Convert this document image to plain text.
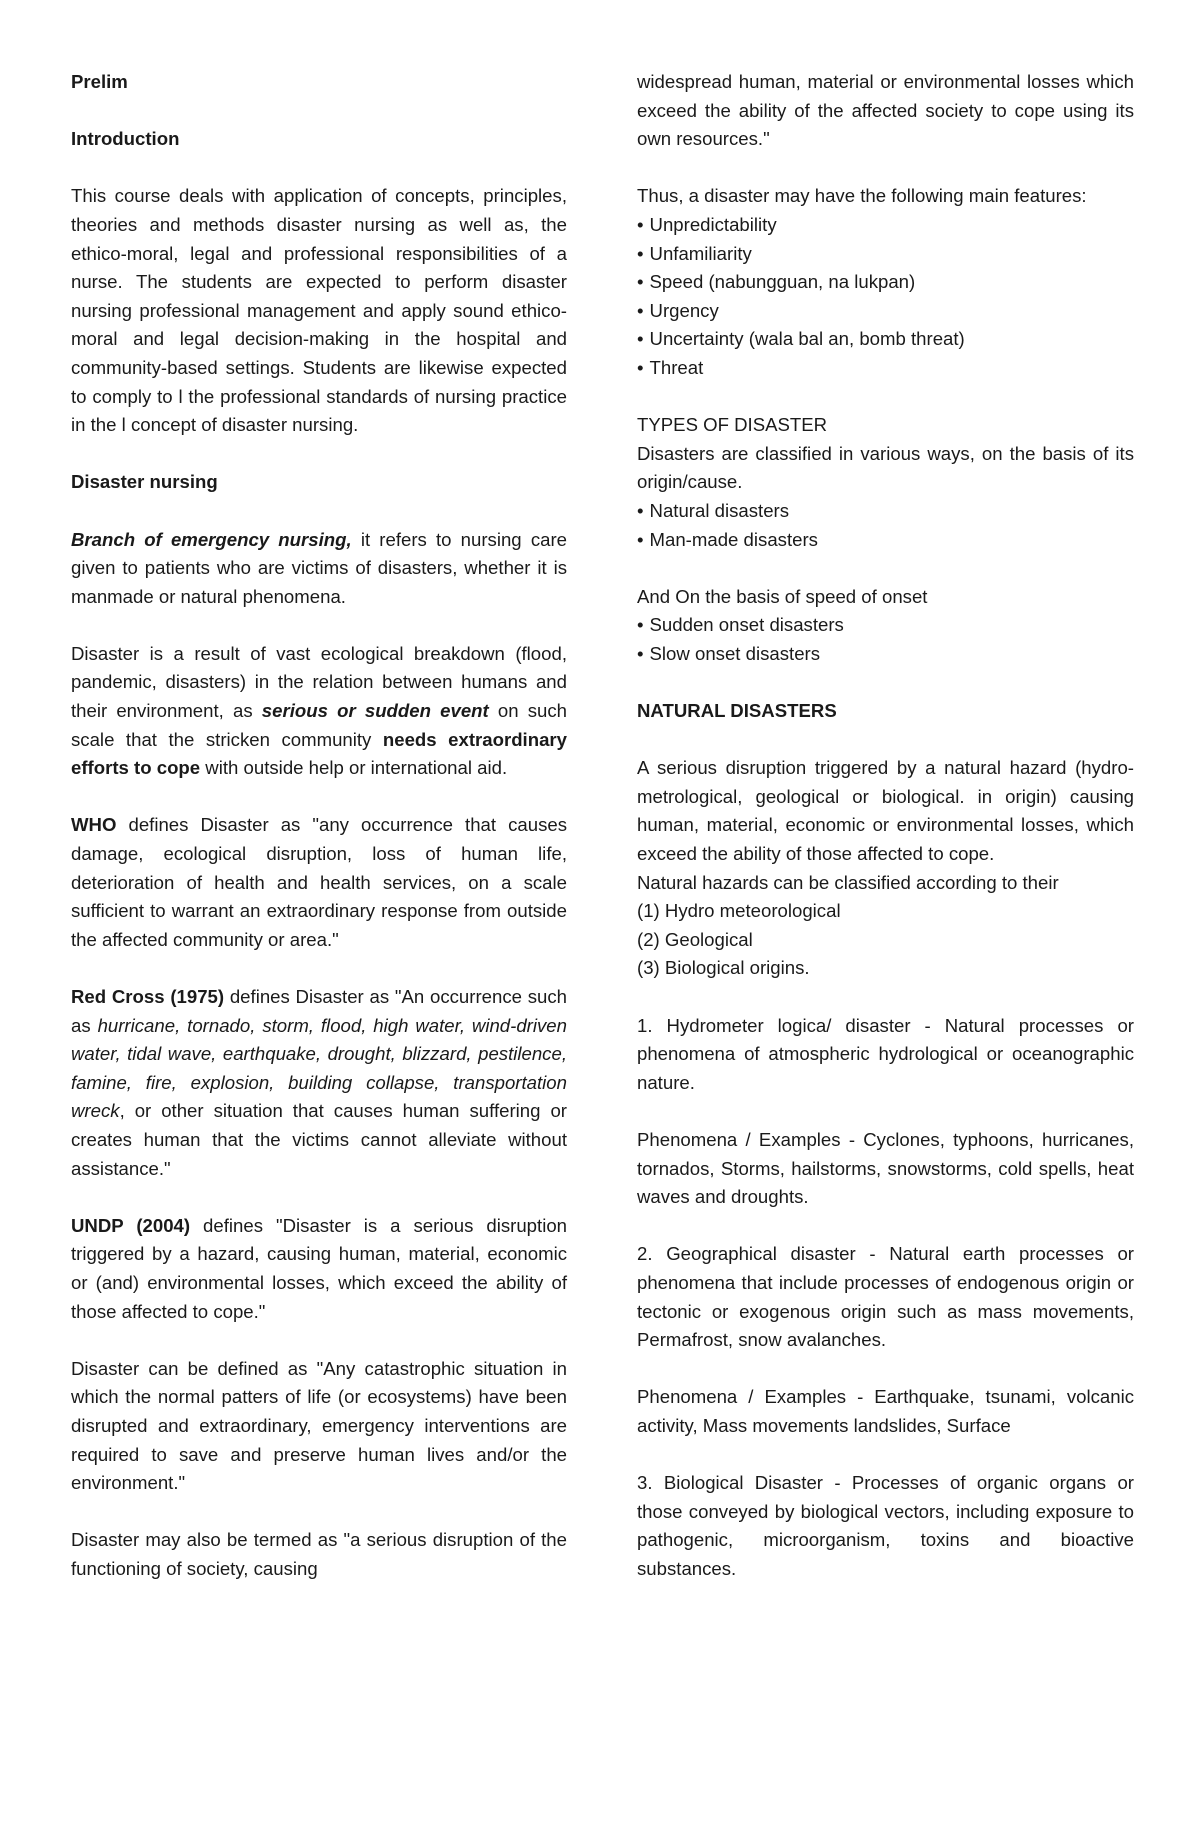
Prelim

Introduction

This course deals with application of concepts, principles, theories and methods disaster nursing as well as, the ethico-moral, legal and professional responsibilities of a nurse. The students are expected to perform disaster nursing professional management and apply sound ethico-moral and legal decision-making in the hospital and community-based settings. Students are likewise expected to comply to l the professional standards of nursing practice in the l concept of disaster nursing.

Disaster nursing

Branch of emergency nursing, it refers to nursing care given to patients who are victims of disasters, whether it is manmade or natural phenomena.

Disaster is a result of vast ecological breakdown (flood, pandemic, disasters) in the relation between humans and their environment, as serious or sudden event on such scale that the stricken community needs extraordinary efforts to cope with outside help or international aid.

WHO defines Disaster as "any occurrence that causes damage, ecological disruption, loss of human life, deterioration of health and health services, on a scale sufficient to warrant an extraordinary response from outside the affected community or area."

Red Cross (1975) defines Disaster as "An occurrence such as hurricane, tornado, storm, flood, high water, wind-driven water, tidal wave, earthquake, drought, blizzard, pestilence, famine, fire, explosion, building collapse, transportation wreck, or other situation that causes human suffering or creates human that the victims cannot alleviate without assistance."

UNDP (2004) defines "Disaster is a serious disruption triggered by a hazard, causing human, material, economic or (and) environmental losses, which exceed the ability of those affected to cope."

Disaster can be defined as "Any catastrophic situation in which the normal patters of life (or ecosystems) have been disrupted and extraordinary, emergency interventions are required to save and preserve human lives and/or the environment."

Disaster may also be termed as "a serious disruption of the functioning of society, causing

widespread human, material or environmental losses which exceed the ability of the affected society to cope using its own resources."

Thus, a disaster may have the following main features:
• Unpredictability
• Unfamiliarity
• Speed (nabungguan, na lukpan)
• Urgency
• Uncertainty (wala bal an, bomb threat)
• Threat
TYPES OF DISASTER
Disasters are classified in various ways, on the basis of its origin/cause.
• Natural disasters
• Man-made disasters
And On the basis of speed of onset
• Sudden onset disasters
• Slow onset disasters

NATURAL DISASTERS

A serious disruption triggered by a natural hazard (hydro-metrological, geological or biological. in origin) causing human, material, economic or environmental losses, which exceed the ability of those affected to cope.
Natural hazards can be classified according to their
(1) Hydro meteorological
(2) Geological
(3) Biological origins.

1. Hydrometer logica/ disaster - Natural processes or phenomena of atmospheric hydrological or oceanographic nature.

Phenomena / Examples - Cyclones, typhoons, hurricanes, tornados, Storms, hailstorms, snowstorms, cold spells, heat waves and droughts.

2. Geographical disaster - Natural earth processes or phenomena that include processes of endogenous origin or tectonic or exogenous origin such as mass movements, Permafrost, snow avalanches.

Phenomena / Examples - Earthquake, tsunami, volcanic activity, Mass movements landslides, Surface

3. Biological Disaster - Processes of organic organs or those conveyed by biological vectors, including exposure to pathogenic, microorganism, toxins and bioactive substances.
